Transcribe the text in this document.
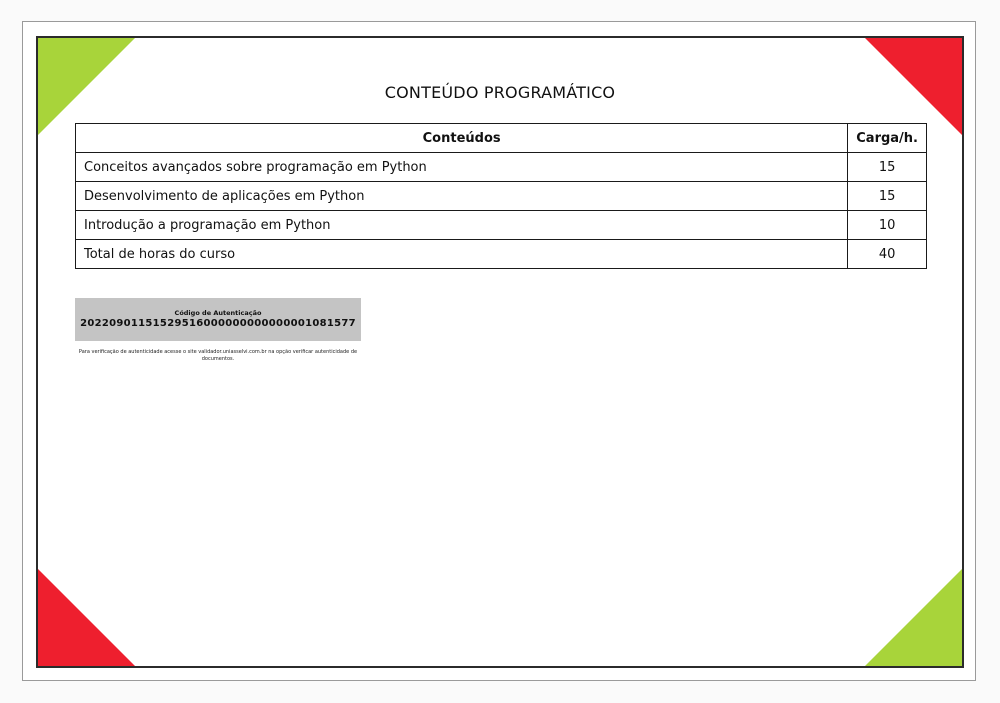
CONTEÚDO PROGRAMÁTICO
Conteúdos	Carga/h.
Conceitos avançados sobre programação em Python	15
Desenvolvimento de aplicações em Python	15
Introdução a programação em Python	10
Total de horas do curso	40
Código de Autenticação
20220901151529516000000000000001081577
Para verificação de autenticidade acesse o site validador.uniasselvi.com.br na opção verificar autenticidade de documentos.
